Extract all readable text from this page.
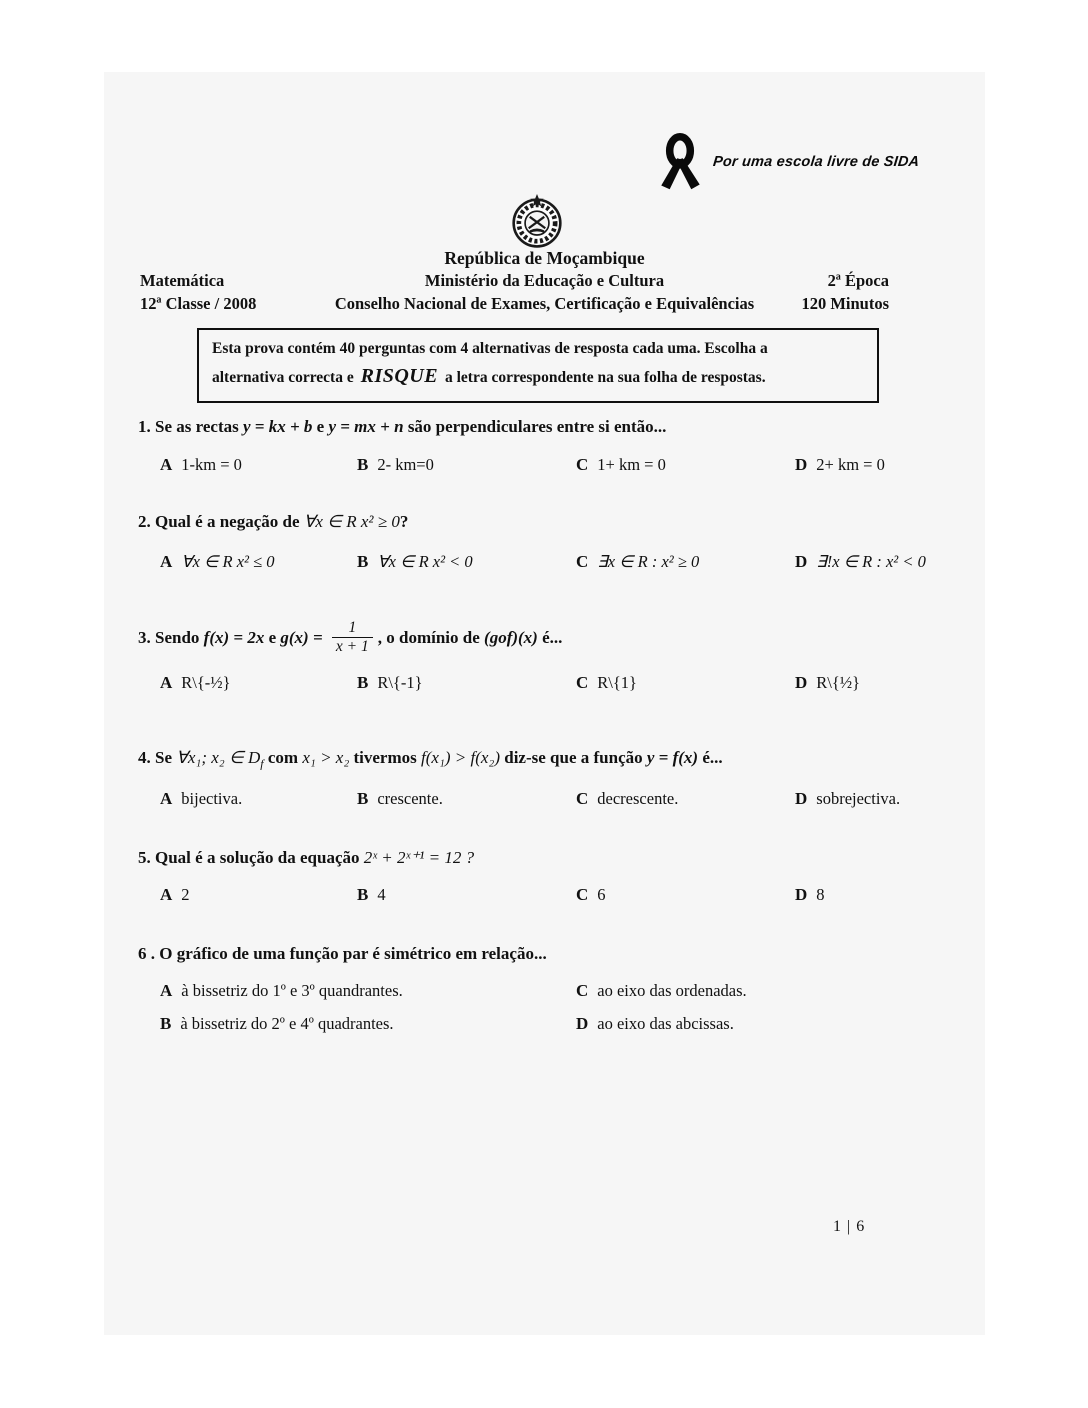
Por uma escola livre de SIDA
República de Moçambique
Matemática	Ministério da Educação e Cultura	2ª Época
12ª Classe / 2008	Conselho Nacional de Exames, Certificação e Equivalências	120 Minutos
Esta prova contém 40 perguntas com 4 alternativas de resposta cada uma. Escolha a
alternativa correcta e RISQUE a letra correspondente na sua folha de respostas.
1. Se as rectas y = kx + b e y = mx + n são perpendiculares entre si então...
A 1-km = 0	B 2- km=0	C 1+ km = 0	D 2+ km = 0
2. Qual é a negação de ∀x ∈ R x² ≥ 0?
A ∀x ∈ R x² ≤ 0	B ∀x ∈ R x² < 0	C ∃x ∈ R : x² ≥ 0	D ∃!x ∈ R : x² < 0
3. Sendo f(x) = 2x e $g(x) = \frac{1}{x + 1}$ , o domínio de (gof)(x) é...
A R\{-½}	B R\{-1}	C R\{1}	D R\{½}
4. Se ∀x₁; x₂ ∈ $D_f$ com x₁ > x₂ tivermos f(x₁) > f(x₂) diz-se que a função y = f(x) é...
A bijectiva.	B crescente.	C decrescente.	D sobrejectiva.
5. Qual é a solução da equação 2ˣ + 2ˣ⁺¹ = 12 ?
A 2	B 4	C 6	D 8
6 . O gráfico de uma função par é simétrico em relação...
A à bissetriz do 1º e 3º quandrantes.	C ao eixo das ordenadas.
B à bissetriz do 2º e 4º quadrantes.	D ao eixo das abcissas.
1 | 6
